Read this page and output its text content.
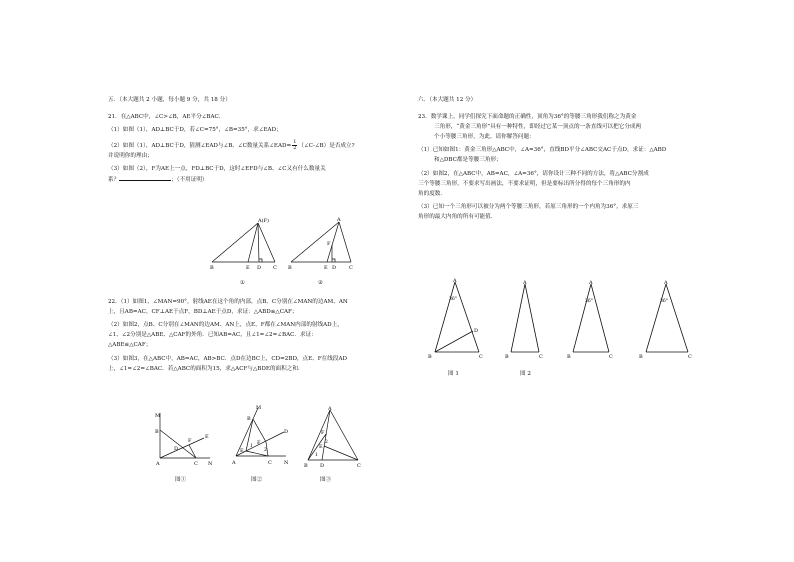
五．（本大题共 2 小题，每小题 9 分，共 18 分）

21．在△ABC中，∠C>∠B，AE平分∠BAC.

（1）如图（1），AD⊥BC于D，若∠C=75°，∠B=35°，求∠EAD；

（2）如图（1），AD⊥BC于D，猜测∠EAD与∠B、∠C数量关系∠EAD= $\frac{1}{2}(\angle C-\angle B)$是否成立?

并说明你的理由；

（3）如图（2），F为AE上一点，FD⊥BC于D，这时∠EFD与∠B、∠C又有什么数量关

系？	；（不用证明）

A(F)
B	E D C
①
A
F
B	E D	C
②

22．（1）如图1，∠MAN=90°，射线AE在这个角的内部，点B、C分别在∠MAN的边AM、AN

上，且AB=AC，CF⊥AE于点F，BD⊥AE于点D，求证：△ABD≌△CAF；

（2）如图2，点B、C分别在∠MAN的边AM、AN上，点E、F都在∠MAN内部的射线AD上，

∠1、∠2分别是△ABE、△CAF的外角．已知AB=AC，且∠1=∠2=∠BAC．求证：

△ABE≌△CAF；

（3）如图3，在△ABC中，AB=AC，AB>BC．点D在边BC上，CD=2BD，点E、F在线段AD

上，∠1=∠2=∠BAC．若△ABC的面积为15，求△ACF与△BDE的面积之和.

M
B
F
E
D
A	C N
图①
M
B
F
D
E
1
2
A	C N
图②
A
F
E
2
1
B D	C
图③

六．（本大题共 12 分）

23．数学课上，同学们探究下面命题的正确性，顶角为36°的等腰三角形我们称之为黄金

三角形，“黄金三角形”具有一种特性，即经过它某一顶点的一条直线可以把它分成两

个小等腰三角形，为此，请你解答问题：

（1）已知如图1：黄金三角形△ABC中，∠A=36°，直线BD平分∠ABC交AC于点D，求证：△ABD

和△DBC都是等腰三角形；

（2）如图2，在△ABC中，AB=AC，∠A=36°，请你设计三种不同的方法，将△ABC分割成

三个等腰三角形，不要求写出画法，不要求证明，但是要标出所分得的每个三角形的内

角的度数．

（3）已知一个三角形可以被分为两个等腰三角形，若原三角形的一个内角为36°，求原三

角形的最大内角的所有可能值.

A
36°
D
B	C
图 1
A
B	C
图 2
A
36°
B	C
A
36°
B	C
